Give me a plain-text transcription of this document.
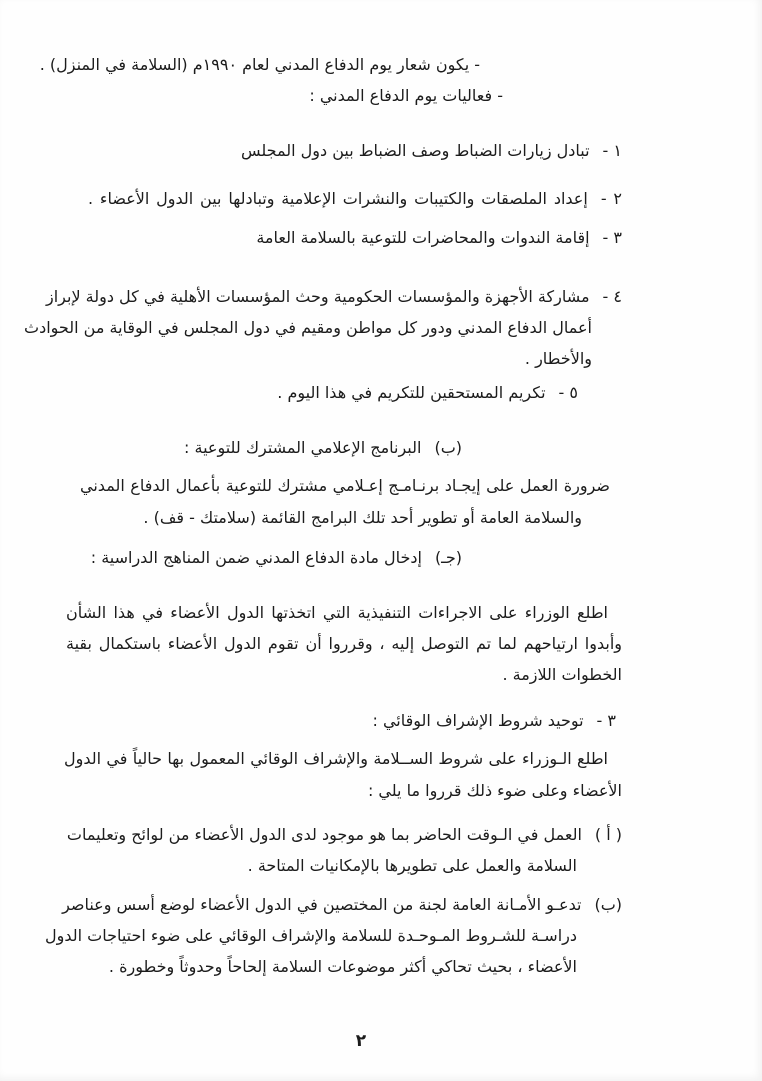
- يكون شعار يوم الدفاع المدني لعام ١٩٩٠م (السلامة في المنزل) .
- فعاليات يوم الدفاع المدني :
١ -تبادل زيارات الضباط وصف الضباط بين دول المجلس
٢ -إعداد الملصقات والكتيبات والنشرات الإعلامية وتبادلها بين الدول الأعضاء .
٣ -إقامة الندوات والمحاضرات للتوعية بالسلامة العامة
٤ -مشاركة الأجهزة والمؤسسات الحكومية وحث المؤسسات الأهلية في كل دولة لإبراز
أعمال الدفاع المدني ودور كل مواطن ومقيم في دول المجلس في الوقاية من الحوادث
والأخطار .
٥ -تكريم المستحقين للتكريم في هذا اليوم .
(ب)البرنامج الإعلامي المشترك للتوعية :
ضرورة العمل على إيجـاد برنـامـج إعـلامي مشترك للتوعية بأعمال الدفاع المدني
والسلامة العامة أو تطوير أحد تلك البرامج القائمة (سلامتك - قف) .
(جـ)إدخال مادة الدفاع المدني ضمن المناهج الدراسية :
اطلع الوزراء على الاجراءات التنفيذية التي اتخذتها الدول الأعضاء في هذا الشأن
وأبدوا ارتياحهم لما تم التوصل إليه ، وقرروا أن تقوم الدول الأعضاء باستكمال بقية
الخطوات اللازمة .
٣ -توحيد شروط الإشراف الوقائي :
اطلع الـوزراء على شروط الســلامة والإشراف الوقائي المعمول بها حالياً في الدول
الأعضاء وعلى ضوء ذلك قرروا ما يلي :
( أ )العمل في الـوقت الحاضر بما هو موجود لدى الدول الأعضاء من لوائح وتعليمات
السلامة والعمل على تطويرها بالإمكانيات المتاحة .
(ب)تدعـو الأمـانة العامة لجنة من المختصين في الدول الأعضاء لوضع أسس وعناصر
دراسـة للشـروط المـوحـدة للسلامة والإشراف الوقائي على ضوء احتياجات الدول
الأعضاء ، بحيث تحاكي أكثر موضوعات السلامة إلحاحاً وحدوثاً وخطورة .
٢
